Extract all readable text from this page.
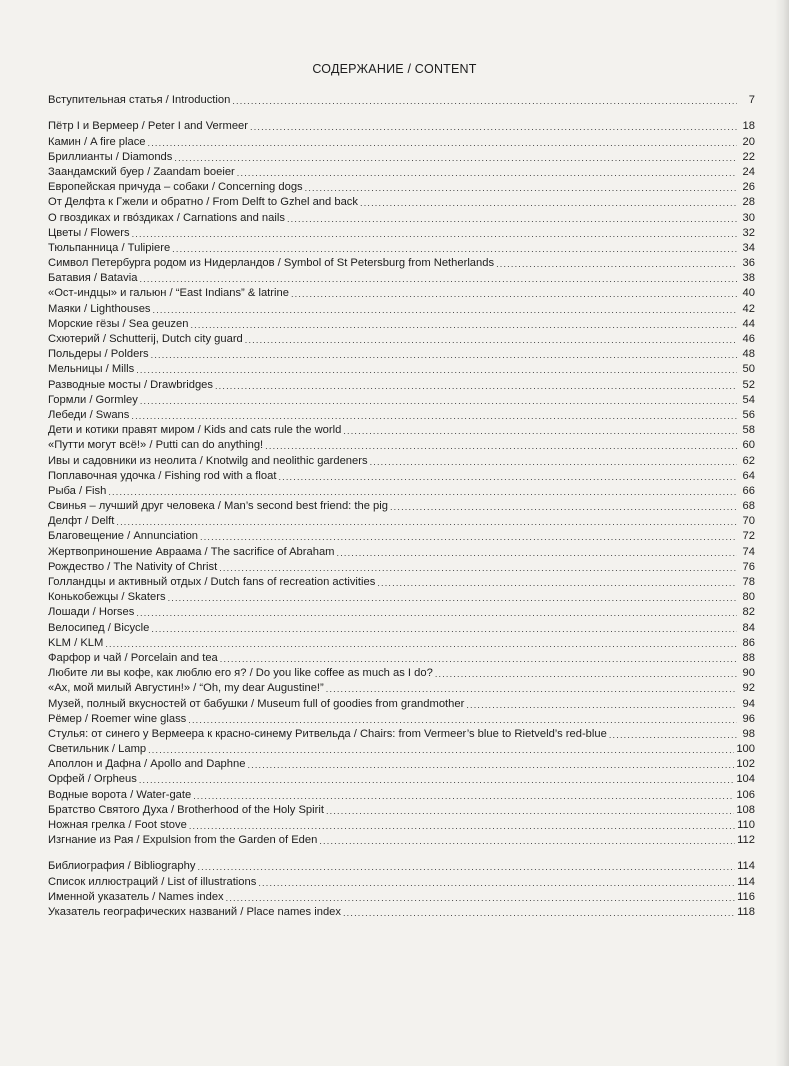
СОДЕРЖАНИЕ / CONTENT
Вступительная статья / Introduction .....	7
Пётр I и Вермеер / Peter I and Vermeer .....	18
Камин / A fire place .....	20
Бриллианты / Diamonds .....	22
Заандамский буер / Zaandam boeier .....	24
Европейская причуда – собаки / Concerning dogs .....	26
От Делфта к Гжели и обратно / From Delft to Gzhel and back .....	28
О гвоздиках и гво́здиках / Carnations and nails .....	30
Цветы / Flowers .....	32
Тюльпанница / Tulipiere .....	34
Символ Петербурга родом из Нидерландов / Symbol of St Petersburg from Netherlands .....	36
Батавия / Batavia .....	38
«Ост-индцы» и гальюн / “East Indians” & latrine .....	40
Маяки / Lighthouses .....	42
Морские гёзы / Sea geuzen .....	44
Схютерий / Schutterij, Dutch city guard .....	46
Польдеры / Polders .....	48
Мельницы / Mills .....	50
Разводные мосты / Drawbridges .....	52
Гормли / Gormley .....	54
Лебеди / Swans .....	56
Дети и котики правят миром / Kids and cats rule the world .....	58
«Путти могут всё!» / Putti can do anything! .....	60
Ивы и садовники из неолита / Knotwilg and neolithic gardeners .....	62
Поплавочная удочка / Fishing rod with a float .....	64
Рыба / Fish .....	66
Свинья – лучший друг человека / Man’s second best friend: the pig .....	68
Делфт / Delft .....	70
Благовещение / Annunciation .....	72
Жертвоприношение Авраама / The sacrifice of Abraham .....	74
Рождество / The Nativity of Christ .....	76
Голландцы и активный отдых / Dutch fans of recreation activities .....	78
Конькобежцы / Skaters .....	80
Лошади / Horses .....	82
Велосипед / Bicycle .....	84
KLM / KLM .....	86
Фарфор и чай / Porcelain and tea .....	88
Любите ли вы кофе, как люблю его я? / Do you like coffee as much as I do? .....	90
«Ах, мой милый Августин!» / “Oh, my dear Augustine!” .....	92
Музей, полный вкусностей от бабушки / Museum full of goodies from grandmother .....	94
Рёмер / Roemer wine glass .....	96
Стулья: от синего у Вермеера к красно-синему Ритвельда / Chairs: from Vermeer’s blue to Rietveld’s red-blue .....	98
Светильник / Lamp .....	100
Аполлон и Дафна / Apollo and Daphne .....	102
Орфей / Orpheus .....	104
Водные ворота / Water-gate .....	106
Братство Святого Духа / Brotherhood of the Holy Spirit .....	108
Ножная грелка / Foot stove .....	110
Изгнание из Рая / Expulsion from the Garden of Eden .....	112
Библиография / Bibliography .....	114
Список иллюстраций / List of illustrations .....	114
Именной указатель / Names index .....	116
Указатель географических названий / Place names index .....	118
